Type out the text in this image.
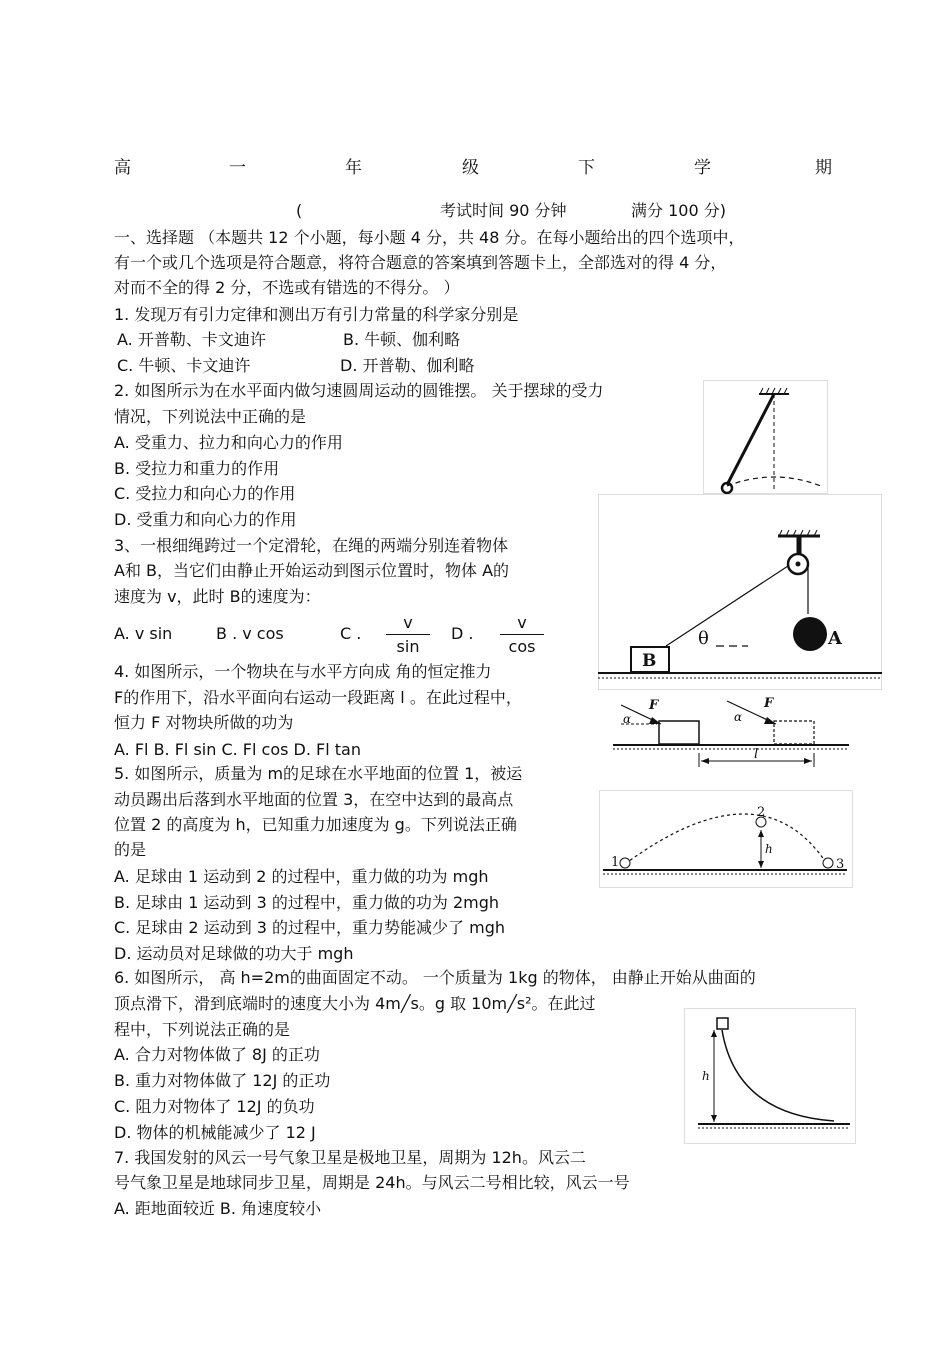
高	一	年	级	下	学	期
(	考试时间 90 分钟	满分 100 分)
一、选择题 （本题共 12 个小题，每小题 4 分，共 48 分。在每小题给出的四个选项中，
有一个或几个选项是符合题意，将符合题意的答案填到答题卡上，全部选对的得 4 分，
对而不全的得 2 分，不选或有错选的不得分。 ）
1. 发现万有引力定律和测出万有引力常量的科学家分别是
A. 开普勒、卡文迪许	B. 牛顿、伽利略
C. 牛顿、卡文迪许	D. 开普勒、伽利略
2. 如图所示为在水平面内做匀速圆周运动的圆锥摆。 关于摆球的受力
情况，下列说法中正确的是
A. 受重力、拉力和向心力的作用
B. 受拉力和重力的作用
C. 受拉力和向心力的作用
D. 受重力和向心力的作用
3、一根细绳跨过一个定滑轮，在绳的两端分别连着物体
A和 B，当它们由静止开始运动到图示位置时，物体 A的
速度为 v，此时 B的速度为：
A. v sin	B . v cos	C .
v
sin
D .
v
cos	A
θ
B
4. 如图所示，一个物块在与水平方向成 角的恒定推力
F的作用下，沿水平面向右运动一段距离 l 。在此过程中，
恒力 F 对物块所做的功为
A. Fl B. Fl sin C. Fl cos D. Fl tan
α
F
α
F
l
5. 如图所示，质量为 m的足球在水平地面的位置 1，被运
动员踢出后落到水平地面的位置 3，在空中达到的最高点
位置 2 的高度为 h，已知重力加速度为 g。下列说法正确
的是
A. 足球由 1 运动到 2 的过程中，重力做的功为 mgh
B. 足球由 1 运动到 3 的过程中，重力做的功为 2mgh
C. 足球由 2 运动到 3 的过程中，重力势能减少了 mgh
D. 运动员对足球做的功大于 mgh
1
2
3
h
6. 如图所示， 高 h=2m的曲面固定不动。 一个质量为 1kg 的物体， 由静止开始从曲面的
顶点滑下，滑到底端时的速度大小为 4m╱s。g 取 10m╱s²。在此过
程中，下列说法正确的是
A. 合力对物体做了 8J 的正功
B. 重力对物体做了 12J 的正功
C. 阻力对物体了 12J 的负功
D. 物体的机械能减少了 12 J
h
7. 我国发射的风云一号气象卫星是极地卫星，周期为 12h。风云二
号气象卫星是地球同步卫星，周期是 24h。与风云二号相比较，风云一号
A. 距地面较近 B. 角速度较小
